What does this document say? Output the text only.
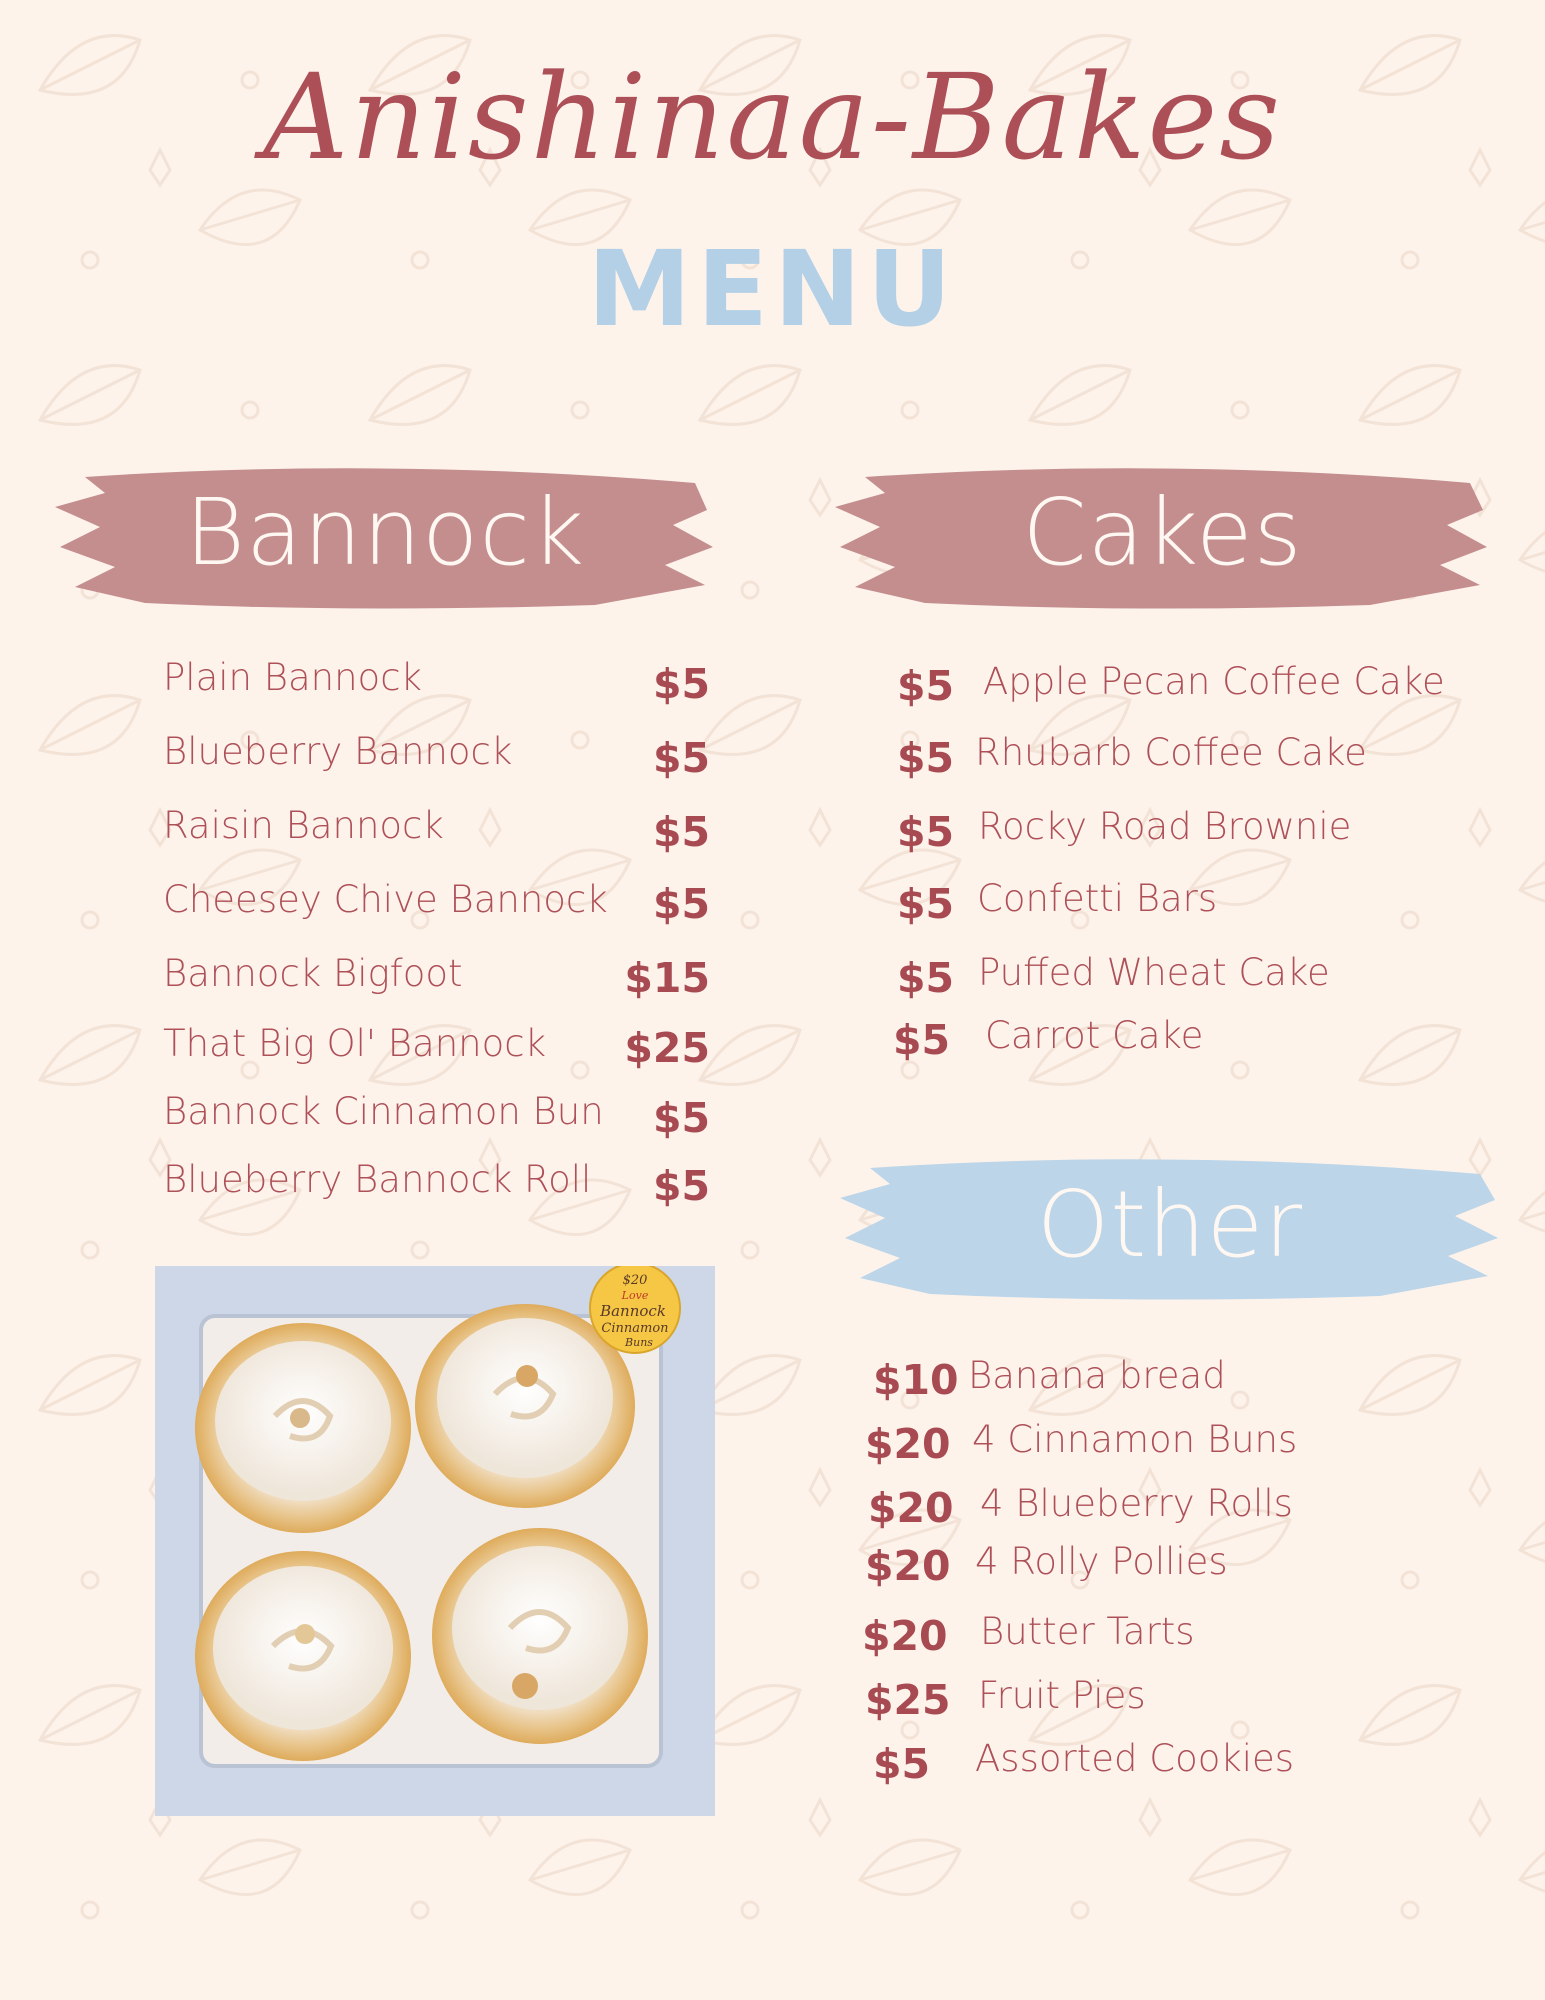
Anishinaa-Bakes
MENU
Bannock	Cakes
Other
Plain Bannock	$5
Blueberry Bannock	$5
Raisin Bannock	$5
Cheesey Chive Bannock	$5
Bannock Bigfoot	$15
That Big Ol' Bannock	$25
Bannock Cinnamon Bun	$5
Blueberry Bannock Roll	$5
$5 Apple Pecan Coffee Cake
$5 Rhubarb Coffee Cake
$5 Rocky Road Brownie
$5 Confetti Bars
$5 Puffed Wheat Cake
$5 Carrot Cake
$10 Banana bread
$20 4 Cinnamon Buns
$20 4 Blueberry Rolls
$20 4 Rolly Pollies
$20 Butter Tarts
$25 Fruit Pies
$5 Assorted Cookies
$20
Love
Bannock
Cinnamon
Buns
